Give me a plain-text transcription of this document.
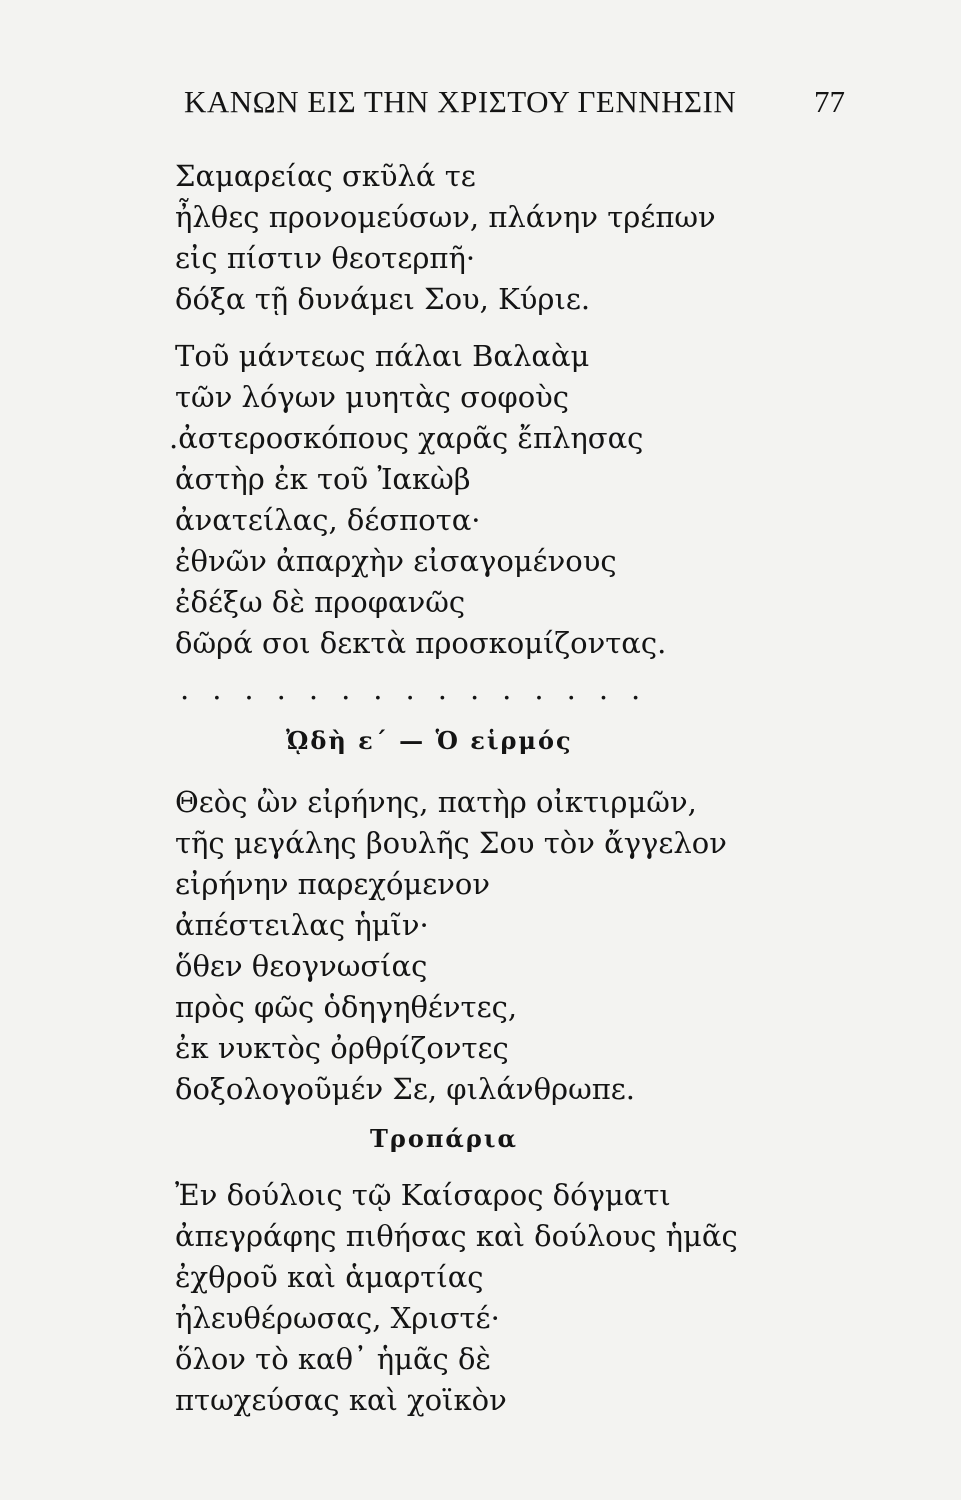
ΚΑΝΩΝ ΕΙΣ ΤΗΝ ΧΡΙΣΤΟΥ ΓΕΝΝΗΣΙΝ	77
Σαμαρείας σκῦλά τε
ἦλθες προνομεύσων, πλάνην τρέπων
εἰς πίστιν θεοτερπῆ·
δόξα τῇ δυνάμει Σου, Κύριε.
Τοῦ μάντεως πάλαι Βαλαὰμ
τῶν λόγων μυητὰς σοφοὺς
.ἀστεροσκόπους χαρᾶς ἔπλησας
ἀστὴρ ἐκ τοῦ Ἰακὼβ
ἀνατείλας, δέσποτα·
ἐθνῶν ἀπαρχὴν εἰσαγομένους
ἐδέξω δὲ προφανῶς
δῶρά σοι δεκτὰ προσκομίζοντας.
...............
ᾨδὴ ε΄ — Ὁ εἱρμός
Θεὸς ὢν εἰρήνης, πατὴρ οἰκτιρμῶν,
τῆς μεγάλης βουλῆς Σου τὸν ἄγγελον
εἰρήνην παρεχόμενον
ἀπέστειλας ἡμῖν·
ὅθεν θεογνωσίας
πρὸς φῶς ὁδηγηθέντες,
ἐκ νυκτὸς ὀρθρίζοντες
δοξολογοῦμέν Σε, φιλάνθρωπε.
Τροπάρια
Ἐν δούλοις τῷ Καίσαρος δόγματι
ἀπεγράφης πιθήσας καὶ δούλους ἡμᾶς
ἐχθροῦ καὶ ἁμαρτίας
ἠλευθέρωσας, Χριστέ·
ὅλον τὸ καθ᾽ ἡμᾶς δὲ
πτωχεύσας καὶ χοϊκὸν
